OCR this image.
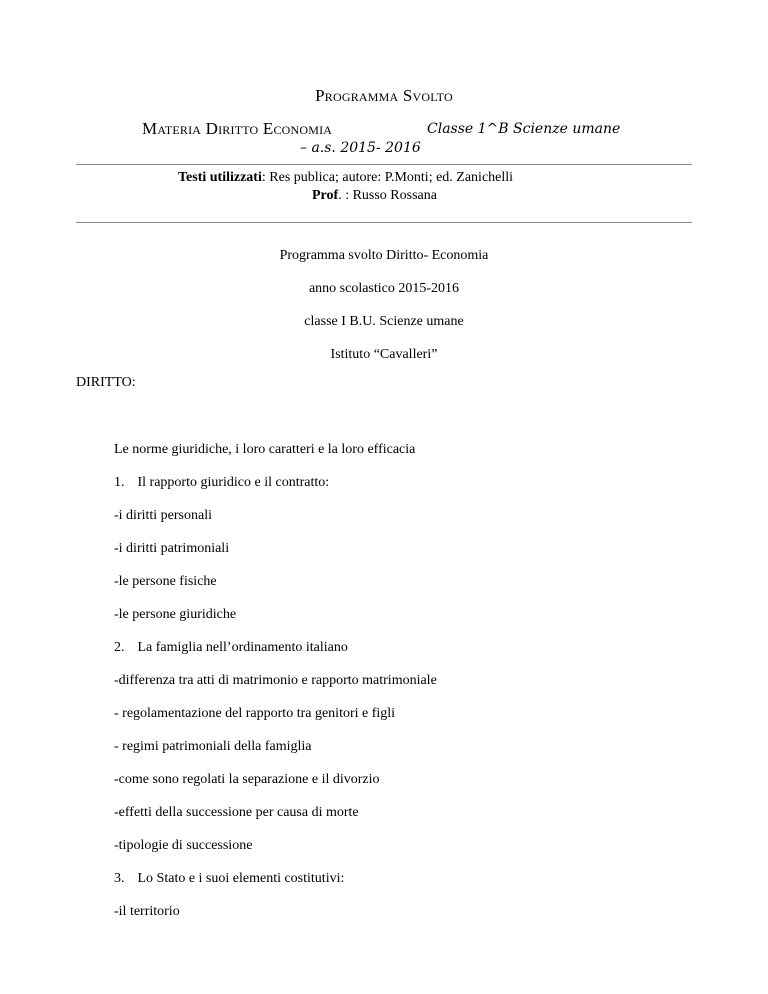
Programma Svolto
Materia Diritto Economia	Classe 1^B Scienze umane
– a.s. 2015- 2016
Testi utilizzati: Res publica; autore: P.Monti; ed. Zanichelli
Prof. : Russo Rossana
Programma svolto Diritto- Economia
anno scolastico 2015-2016
classe I B.U. Scienze umane
Istituto “Cavalleri”
DIRITTO:
Le norme giuridiche, i loro caratteri e la loro efficacia
1. Il rapporto giuridico e il contratto:
-i diritti personali
-i diritti patrimoniali
-le persone fisiche
-le persone giuridiche
2. La famiglia nell’ordinamento italiano
-differenza tra atti di matrimonio e rapporto matrimoniale
- regolamentazione del rapporto tra genitori e figli
- regimi patrimoniali della famiglia
-come sono regolati la separazione e il divorzio
-effetti della successione per causa di morte
-tipologie di successione
3. Lo Stato e i suoi elementi costitutivi:
-il territorio
